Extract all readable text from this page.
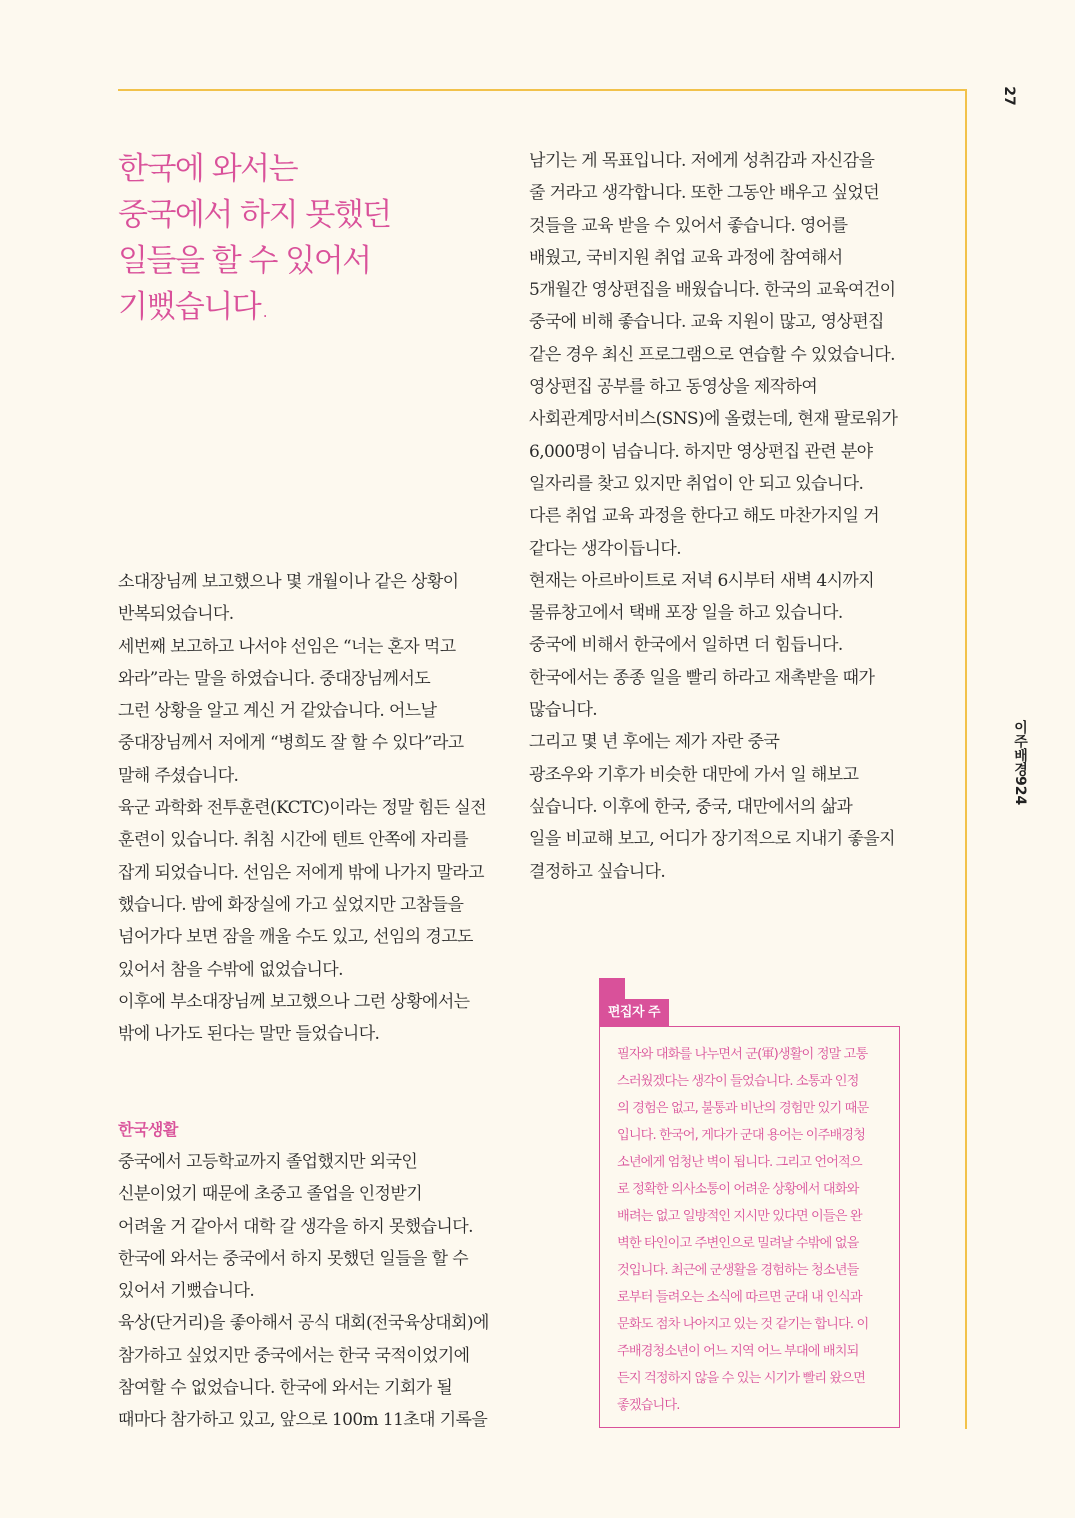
27
이주배경924

한국에 와서는

중국에서 하지 못했던

일들을 할 수 있어서

기뻤습니다.

소대장님께 보고했으나 몇 개월이나 같은 상황이

반복되었습니다.

세번째 보고하고 나서야 선임은 “너는 혼자 먹고

와라”라는 말을 하였습니다. 중대장님께서도

그런 상황을 알고 계신 거 같았습니다. 어느날

중대장님께서 저에게 “병희도 잘 할 수 있다”라고

말해 주셨습니다.

육군 과학화 전투훈련(KCTC)이라는 정말 힘든 실전

훈련이 있습니다. 취침 시간에 텐트 안쪽에 자리를

잡게 되었습니다. 선임은 저에게 밖에 나가지 말라고

했습니다. 밤에 화장실에 가고 싶었지만 고참들을

넘어가다 보면 잠을 깨울 수도 있고, 선임의 경고도

있어서 참을 수밖에 없었습니다.

이후에 부소대장님께 보고했으나 그런 상황에서는

밖에 나가도 된다는 말만 들었습니다.

한국생활

중국에서 고등학교까지 졸업했지만 외국인

신분이었기 때문에 초중고 졸업을 인정받기

어려울 거 같아서 대학 갈 생각을 하지 못했습니다.

한국에 와서는 중국에서 하지 못했던 일들을 할 수

있어서 기뻤습니다.

육상(단거리)을 좋아해서 공식 대회(전국육상대회)에

참가하고 싶었지만 중국에서는 한국 국적이었기에

참여할 수 없었습니다. 한국에 와서는 기회가 될

때마다 참가하고 있고, 앞으로 100m 11초대 기록을

남기는 게 목표입니다. 저에게 성취감과 자신감을

줄 거라고 생각합니다. 또한 그동안 배우고 싶었던

것들을 교육 받을 수 있어서 좋습니다. 영어를

배웠고, 국비지원 취업 교육 과정에 참여해서

5개월간 영상편집을 배웠습니다. 한국의 교육여건이

중국에 비해 좋습니다. 교육 지원이 많고, 영상편집

같은 경우 최신 프로그램으로 연습할 수 있었습니다.

영상편집 공부를 하고 동영상을 제작하여

사회관계망서비스(SNS)에 올렸는데, 현재 팔로워가

6,000명이 넘습니다. 하지만 영상편집 관련 분야

일자리를 찾고 있지만 취업이 안 되고 있습니다.

다른 취업 교육 과정을 한다고 해도 마찬가지일 거

같다는 생각이듭니다.

현재는 아르바이트로 저녁 6시부터 새벽 4시까지

물류창고에서 택배 포장 일을 하고 있습니다.

중국에 비해서 한국에서 일하면 더 힘듭니다.

한국에서는 종종 일을 빨리 하라고 재촉받을 때가

많습니다.

그리고 몇 년 후에는 제가 자란 중국

광조우와 기후가 비슷한 대만에 가서 일 해보고

싶습니다. 이후에 한국, 중국, 대만에서의 삶과

일을 비교해 보고, 어디가 장기적으로 지내기 좋을지

결정하고 싶습니다.

편집자 주

필자와 대화를 나누면서 군(軍)생활이 정말 고통
스러웠겠다는 생각이 들었습니다. 소통과 인정
의 경험은 없고, 불통과 비난의 경험만 있기 때문
입니다. 한국어, 게다가 군대 용어는 이주배경청
소년에게 엄청난 벽이 됩니다. 그리고 언어적으
로 정확한 의사소통이 어려운 상황에서 대화와
배려는 없고 일방적인 지시만 있다면 이들은 완
벽한 타인이고 주변인으로 밀려날 수밖에 없을
것입니다. 최근에 군생활을 경험하는 청소년들
로부터 들려오는 소식에 따르면 군대 내 인식과
문화도 점차 나아지고 있는 것 같기는 합니다. 이
주배경청소년이 어느 지역 어느 부대에 배치되
든지 걱정하지 않을 수 있는 시기가 빨리 왔으면
좋겠습니다.
